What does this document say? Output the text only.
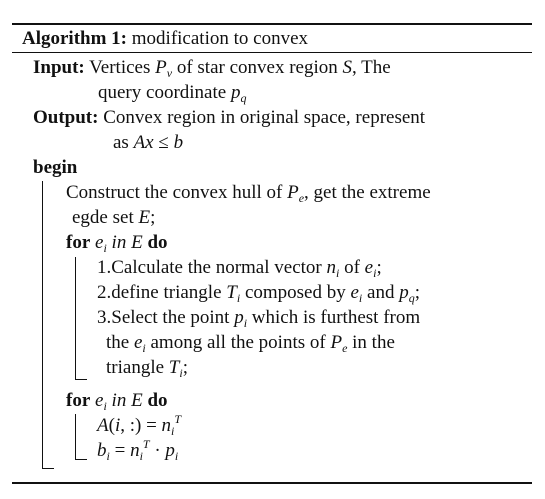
Algorithm 1: modification to convex
Input: Vertices $P_v$ of star convex region S, The
query coordinate $p_q$
Output: Convex region in original space, represent
as Ax ≤ b
begin
Construct the convex hull of $P_e$, get the extreme
egde set E;
for $e_i$ in E do
1.Calculate the normal vector $n_i$ of $e_i$;
2.define triangle $T_i$ composed by $e_i$ and $p_q$;
3.Select the point $p_i$ which is furthest from
the $e_i$ among all the points of $P_e$ in the
triangle $T_i$;
for $e_i$ in E do
A(i, :) = $n_i^T$
$b_i = n_i^T \cdot p_i$
